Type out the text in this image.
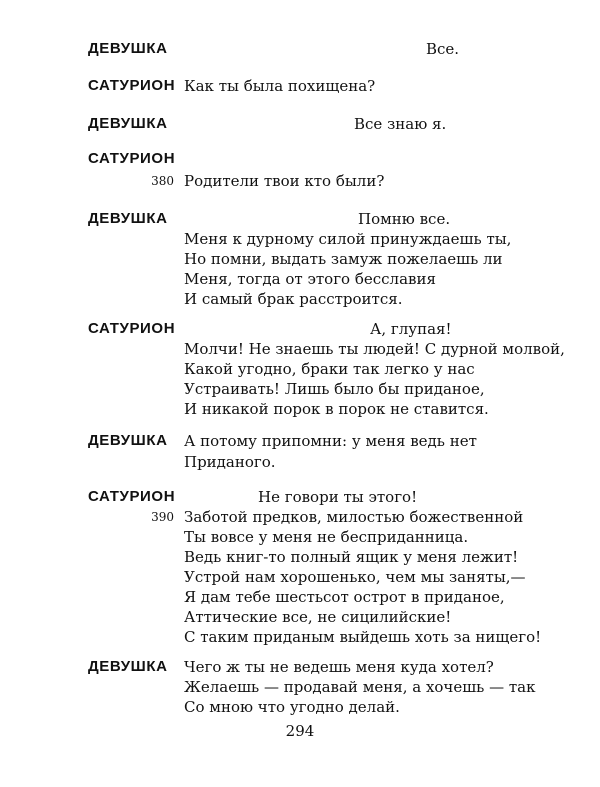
ДЕВУШКА	Все.
САТУРИОН Как ты была похищена?
ДЕВУШКА	Все знаю я.
САТУРИОН
380 Родители твои кто были?
ДЕВУШКА	Помню все.
Меня к дурному силой принуждаешь ты,
Но помни, выдать замуж пожелаешь ли
Меня, тогда от этого бесславия
И самый брак расстроится.
САТУРИОН	А, глупая!
Молчи! Не знаешь ты людей! С дурной молвой,
Какой угодно, браки так легко у нас
Устраивать! Лишь было бы приданое,
И никакой порок в порок не ставится.
ДЕВУШКА А потому припомни: у меня ведь нет
Приданого.
САТУРИОН	Не говори ты этого!
390 Заботой предков, милостью божественной
Ты вовсе у меня не бесприданница.
Ведь книг-то полный ящик у меня лежит!
Устрой нам хорошенько, чем мы заняты,—
Я дам тебе шестьсот острот в приданое,
Аттические все, не сицилийские!
С таким приданым выйдешь хоть за нищего!
ДЕВУШКА Чего ж ты не ведешь меня куда хотел?
Желаешь — продавай меня, а хочешь — так
Со мною что угодно делай.
294
